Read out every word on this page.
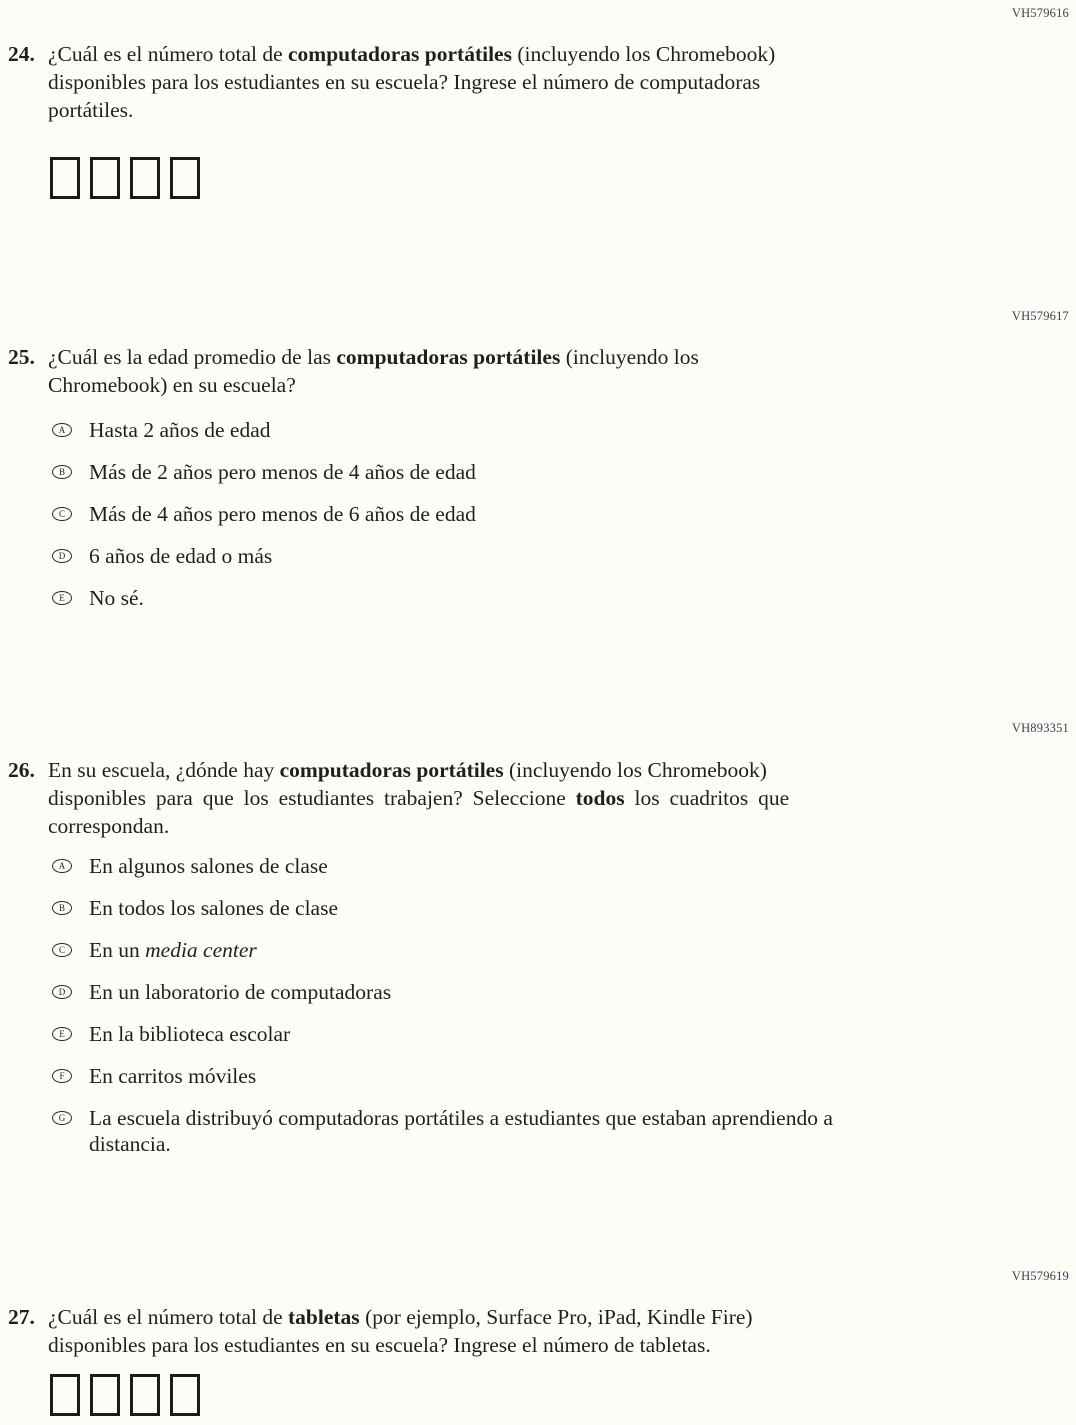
VH579616
24. ¿Cuál es el número total de computadoras portátiles (incluyendo los Chromebook)
disponibles para los estudiantes en su escuela? Ingrese el número de computadoras
portátiles.
VH579617
25. ¿Cuál es la edad promedio de las computadoras portátiles (incluyendo los
Chromebook) en su escuela?
A	Hasta 2 años de edad
B	Más de 2 años pero menos de 4 años de edad
C	Más de 4 años pero menos de 6 años de edad
D	6 años de edad o más
E	No sé.
VH893351
26. En su escuela, ¿dónde hay computadoras portátiles (incluyendo los Chromebook)
disponibles para que los estudiantes trabajen? Seleccione todos los cuadritos que
correspondan.
A	En algunos salones de clase
B	En todos los salones de clase
C	En un media center
D	En un laboratorio de computadoras
E	En la biblioteca escolar
F	En carritos móviles
G	La escuela distribuyó computadoras portátiles a estudiantes que estaban aprendiendo a
distancia.
VH579619
27. ¿Cuál es el número total de tabletas (por ejemplo, Surface Pro, iPad, Kindle Fire)
disponibles para los estudiantes en su escuela? Ingrese el número de tabletas.
